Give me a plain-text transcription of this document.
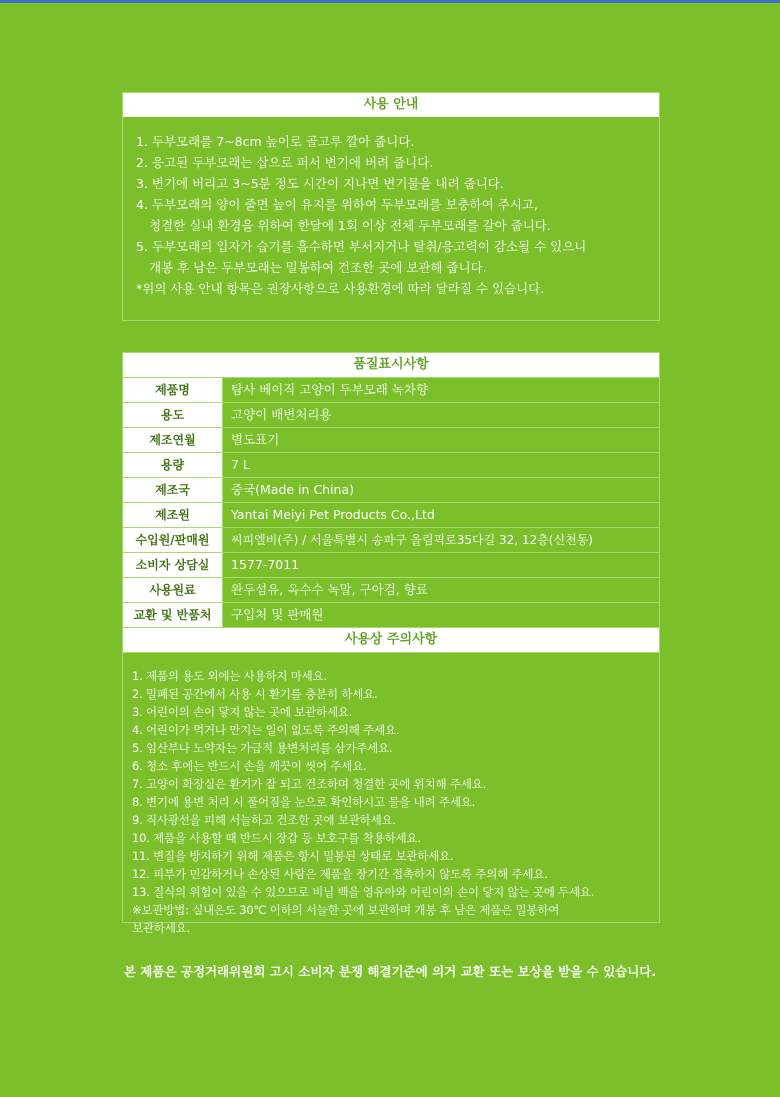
사용 안내
1. 두부모래를 7~8cm 높이로 골고루 깔아 줍니다.
2. 응고된 두부모래는 삽으로 퍼서 변기에 버려 줍니다.
3. 변기에 버리고 3~5분 정도 시간이 지나면 변기물을 내려 줍니다.
4. 두부모래의 양이 줄면 높이 유지를 위하여 두부모래를 보충하여 주시고,
청결한 실내 환경을 위하여 한달에 1회 이상 전체 두부모래를 갈아 줍니다.
5. 두부모래의 입자가 습기를 흡수하면 부서지거나 탈취/응고력이 감소될 수 있으니
개봉 후 남은 두부모래는 밀봉하여 건조한 곳에 보관해 줍니다.
*위의 사용 안내 항목은 권장사항으로 사용환경에 따라 달라질 수 있습니다.
품질표시사항
제품명	탐사 베이직 고양이 두부모래 녹차향
용도	고양이 배변처리용
제조연월	별도표기
용량	7 L
제조국	중국(Made in China)
제조원	Yantai Meiyi Pet Products Co.,Ltd
수입원/판매원	씨피엘비(주) / 서울특별시 송파구 올림픽로35다길 32, 12층(신천동)
소비자 상담실	1577-7011
사용원료	완두섬유, 옥수수 녹말, 구아검, 향료
교환 및 반품처	구입처 및 판매원
사용상 주의사항
1. 제품의 용도 외에는 사용하지 마세요.
2. 밀폐된 공간에서 사용 시 환기를 충분히 하세요.
3. 어린이의 손이 닿지 않는 곳에 보관하세요.
4. 어린이가 먹거나 만지는 일이 없도록 주의해 주세요.
5. 임산부나 노약자는 가급적 용변처리를 삼가주세요.
6. 청소 후에는 반드시 손을 깨끗이 씻어 주세요.
7. 고양이 화장실은 환기가 잘 되고 건조하며 청결한 곳에 위치해 주세요.
8. 변기에 용변 처리 시 풀어짐을 눈으로 확인하시고 물을 내려 주세요.
9. 직사광선을 피해 서늘하고 건조한 곳에 보관하세요.
10. 제품을 사용할 때 반드시 장갑 등 보호구를 착용하세요.
11. 변질을 방지하기 위해 제품은 항시 밀봉된 상태로 보관하세요.
12. 피부가 민감하거나 손상된 사람은 제품을 장기간 접촉하지 않도록 주의해 주세요.
13. 질식의 위험이 있을 수 있으므로 비닐 백을 영유아와 어린이의 손이 닿지 않는 곳에 두세요.
※보관방법: 실내온도 30℃ 이하의 서늘한 곳에 보관하며 개봉 후 남은 제품은 밀봉하여
보관하세요.
본 제품은 공정거래위원회 고시 소비자 분쟁 해결기준에 의거 교환 또는 보상을 받을 수 있습니다.
